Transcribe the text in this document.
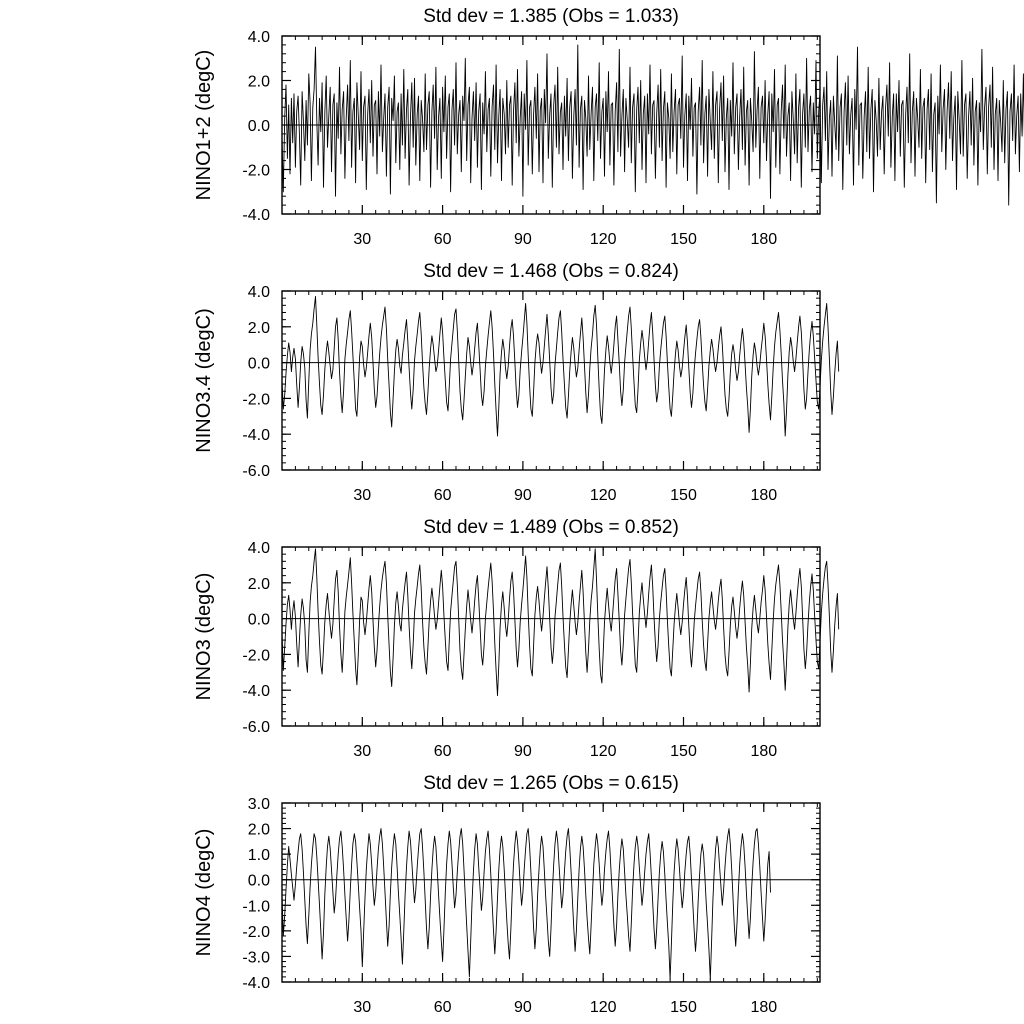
Std dev = 1.385 (Obs = 1.033)
NINO1+2 (degC)
-4.0
-2.0
0.0
2.0
4.0
30	60	90	120	150	180
Std dev = 1.468 (Obs = 0.824)
NINO3.4 (degC)
-6.0
-4.0
-2.0
0.0
2.0
4.0
30	60	90	120	150	180
Std dev = 1.489 (Obs = 0.852)
NINO3 (degC)
-6.0
-4.0
-2.0
0.0
2.0
4.0
30	60	90	120	150	180
Std dev = 1.265 (Obs = 0.615)
NINO4 (degC)
-4.0
-3.0
-2.0
-1.0
0.0
1.0
2.0
3.0
30	60	90	120	150	180
